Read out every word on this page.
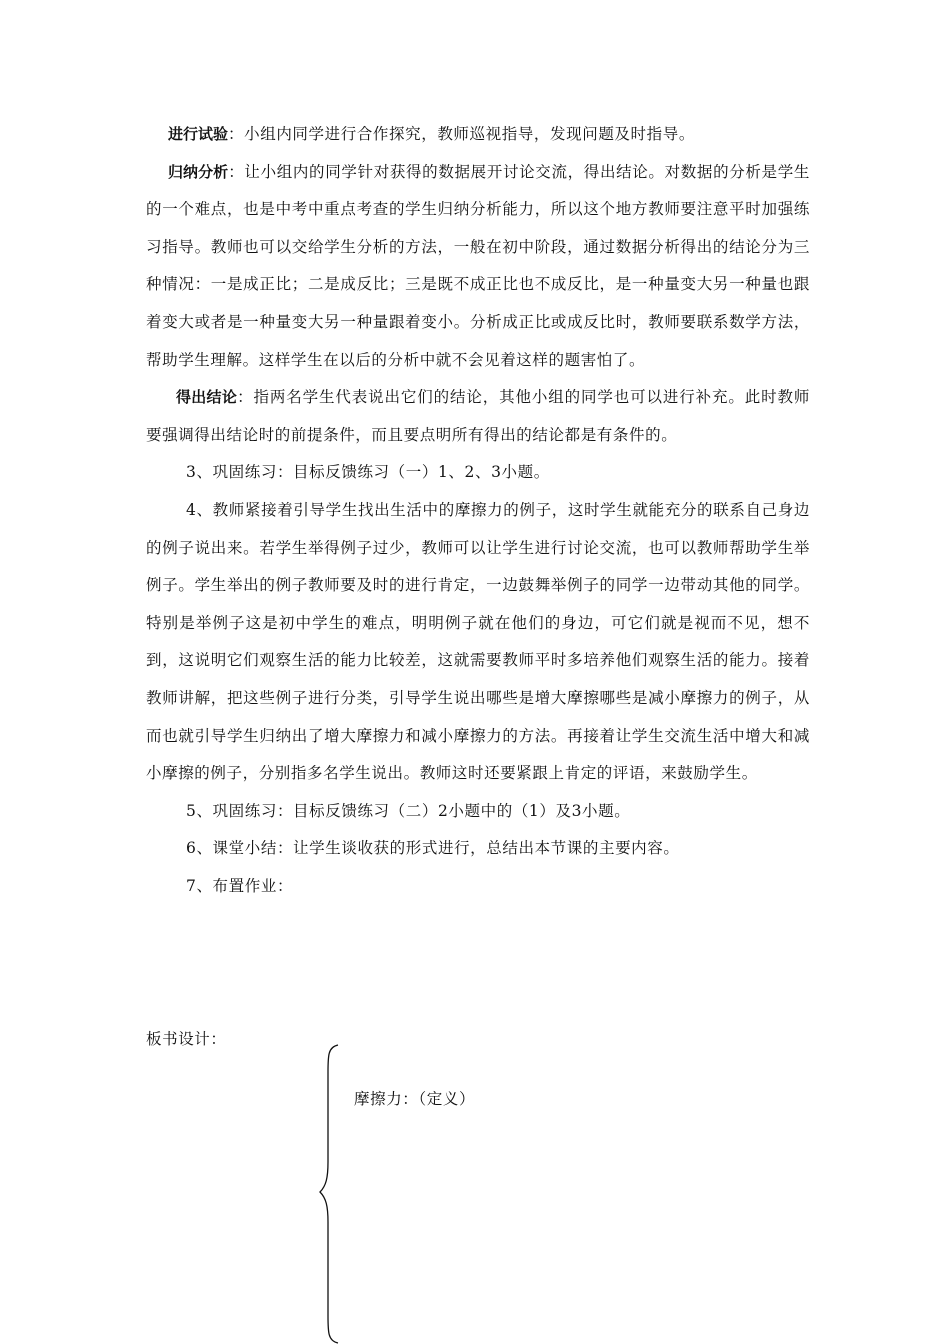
进行试验：小组内同学进行合作探究，教师巡视指导，发现问题及时指导。

归纳分析：让小组内的同学针对获得的数据展开讨论交流，得出结论。对数据的分析是学生的一个难点，也是中考中重点考查的学生归纳分析能力，所以这个地方教师要注意平时加强练习指导。教师也可以交给学生分析的方法，一般在初中阶段，通过数据分析得出的结论分为三种情况：一是成正比；二是成反比；三是既不成正比也不成反比，是一种量变大另一种量也跟着变大或者是一种量变大另一种量跟着变小。分析成正比或成反比时，教师要联系数学方法，帮助学生理解。这样学生在以后的分析中就不会见着这样的题害怕了。

得出结论：指两名学生代表说出它们的结论，其他小组的同学也可以进行补充。此时教师要强调得出结论时的前提条件，而且要点明所有得出的结论都是有条件的。

3、巩固练习：目标反馈练习（一）1、2、3小题。

4、教师紧接着引导学生找出生活中的摩擦力的例子，这时学生就能充分的联系自己身边的例子说出来。若学生举得例子过少，教师可以让学生进行讨论交流，也可以教师帮助学生举例子。学生举出的例子教师要及时的进行肯定，一边鼓舞举例子的同学一边带动其他的同学。特别是举例子这是初中学生的难点，明明例子就在他们的身边，可它们就是视而不见，想不到，这说明它们观察生活的能力比较差，这就需要教师平时多培养他们观察生活的能力。接着教师讲解，把这些例子进行分类，引导学生说出哪些是增大摩擦哪些是减小摩擦力的例子，从而也就引导学生归纳出了增大摩擦力和减小摩擦力的方法。再接着让学生交流生活中增大和减小摩擦的例子，分别指多名学生说出。教师这时还要紧跟上肯定的评语，来鼓励学生。

5、巩固练习：目标反馈练习（二）2小题中的（1）及3小题。

6、课堂小结：让学生谈收获的形式进行，总结出本节课的主要内容。

7、布置作业：

板书设计：
摩擦力：（定义）
